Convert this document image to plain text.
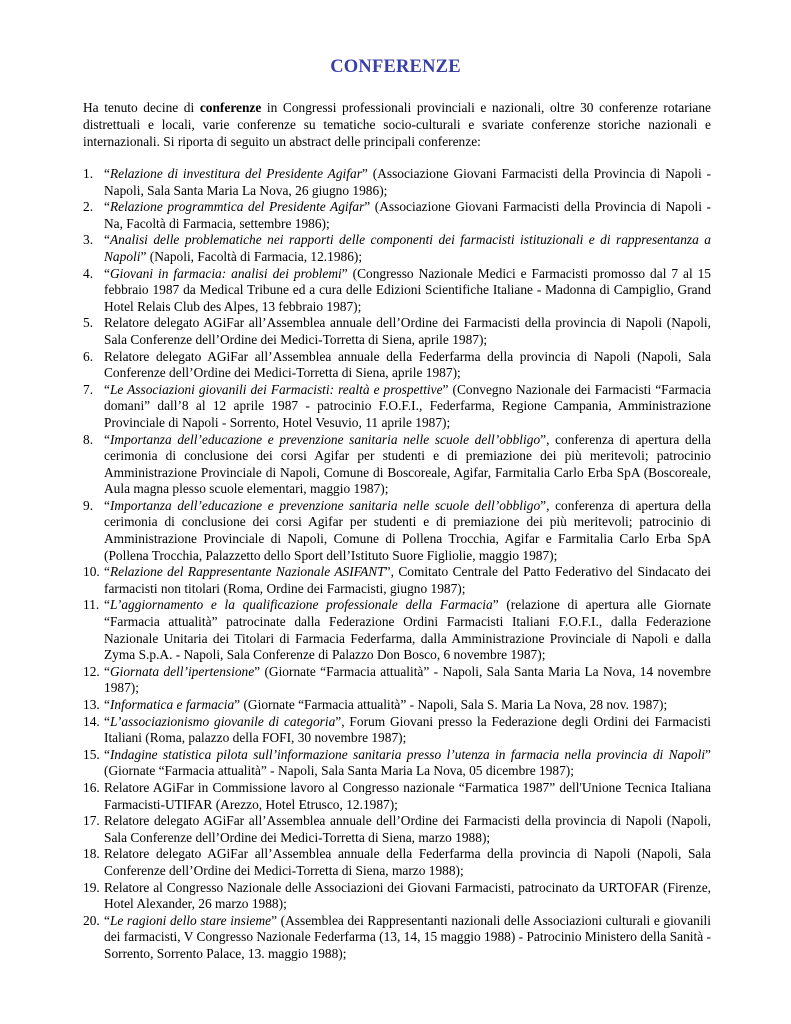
CONFERENZE
Ha tenuto decine di conferenze in Congressi professionali provinciali e nazionali, oltre 30 conferenze rotariane distrettuali e locali, varie conferenze su tematiche socio-culturali e svariate conferenze storiche nazionali e internazionali. Si riporta di seguito un abstract delle principali conferenze:
1. “Relazione di investitura del Presidente Agifar” (Associazione Giovani Farmacisti della Provincia di Napoli - Napoli, Sala Santa Maria La Nova, 26 giugno 1986);
2. “Relazione programmtica del Presidente Agifar” (Associazione Giovani Farmacisti della Provincia di Napoli - Na, Facoltà di Farmacia, settembre 1986);
3. “Analisi delle problematiche nei rapporti delle componenti dei farmacisti istituzionali e di rappresentanza a Napoli” (Napoli, Facoltà di Farmacia, 12.1986);
4. “Giovani in farmacia: analisi dei problemi” (Congresso Nazionale Medici e Farmacisti promosso dal 7 al 15 febbraio 1987 da Medical Tribune ed a cura delle Edizioni Scientifiche Italiane - Madonna di Campiglio, Grand Hotel Relais Club des Alpes, 13 febbraio 1987);
5. Relatore delegato AGiFar all’Assemblea annuale dell’Ordine dei Farmacisti della provincia di Napoli (Napoli, Sala Conferenze dell’Ordine dei Medici-Torretta di Siena, aprile 1987);
6. Relatore delegato AGiFar all’Assemblea annuale della Federfarma della provincia di Napoli (Napoli, Sala Conferenze dell’Ordine dei Medici-Torretta di Siena, aprile 1987);
7. “Le Associazioni giovanili dei Farmacisti: realtà e prospettive” (Convegno Nazionale dei Farmacisti “Farmacia domani” dall’8 al 12 aprile 1987 - patrocinio F.O.F.I., Federfarma, Regione Campania, Amministrazione Provinciale di Napoli - Sorrento, Hotel Vesuvio, 11 aprile 1987);
8. “Importanza dell’educazione e prevenzione sanitaria nelle scuole dell’obbligo”, conferenza di apertura della cerimonia di conclusione dei corsi Agifar per studenti e di premiazione dei più meritevoli; patrocinio Amministrazione Provinciale di Napoli, Comune di Boscoreale, Agifar, Farmitalia Carlo Erba SpA (Boscoreale, Aula magna plesso scuole elementari, maggio 1987);
9. “Importanza dell’educazione e prevenzione sanitaria nelle scuole dell’obbligo”, conferenza di apertura della cerimonia di conclusione dei corsi Agifar per studenti e di premiazione dei più meritevoli; patrocinio di Amministrazione Provinciale di Napoli, Comune di Pollena Trocchia, Agifar e Farmitalia Carlo Erba SpA (Pollena Trocchia, Palazzetto dello Sport dell’Istituto Suore Figliolie, maggio 1987);
10. “Relazione del Rappresentante Nazionale ASIFANT”, Comitato Centrale del Patto Federativo del Sindacato dei farmacisti non titolari (Roma, Ordine dei Farmacisti, giugno 1987);
11. “L’aggiornamento e la qualificazione professionale della Farmacia” (relazione di apertura alle Giornate “Farmacia attualità” patrocinate dalla Federazione Ordini Farmacisti Italiani F.O.F.I., dalla Federazione Nazionale Unitaria dei Titolari di Farmacia Federfarma, dalla Amministrazione Provinciale di Napoli e dalla Zyma S.p.A. - Napoli, Sala Conferenze di Palazzo Don Bosco, 6 novembre 1987);
12. “Giornata dell’ipertensione” (Giornate “Farmacia attualità” - Napoli, Sala Santa Maria La Nova, 14 novembre 1987);
13. “Informatica e farmacia” (Giornate “Farmacia attualità” - Napoli, Sala S. Maria La Nova, 28 nov. 1987);
14. “L’associazionismo giovanile di categoria”, Forum Giovani presso la Federazione degli Ordini dei Farmacisti Italiani (Roma, palazzo della FOFI, 30 novembre 1987);
15. “Indagine statistica pilota sull’informazione sanitaria presso l’utenza in farmacia nella provincia di Napoli” (Giornate “Farmacia attualità” - Napoli, Sala Santa Maria La Nova, 05 dicembre 1987);
16. Relatore AGiFar in Commissione lavoro al Congresso nazionale “Farmatica 1987” dell'Unione Tecnica Italiana Farmacisti-UTIFAR (Arezzo, Hotel Etrusco, 12.1987);
17. Relatore delegato AGiFar all’Assemblea annuale dell’Ordine dei Farmacisti della provincia di Napoli (Napoli, Sala Conferenze dell’Ordine dei Medici-Torretta di Siena, marzo 1988);
18. Relatore delegato AGiFar all’Assemblea annuale della Federfarma della provincia di Napoli (Napoli, Sala Conferenze dell’Ordine dei Medici-Torretta di Siena, marzo 1988);
19. Relatore al Congresso Nazionale delle Associazioni dei Giovani Farmacisti, patrocinato da URTOFAR (Firenze, Hotel Alexander, 26 marzo 1988);
20. “Le ragioni dello stare insieme” (Assemblea dei Rappresentanti nazionali delle Associazioni culturali e giovanili dei farmacisti, V Congresso Nazionale Federfarma (13, 14, 15 maggio 1988) - Patrocinio Ministero della Sanità - Sorrento, Sorrento Palace, 13. maggio 1988);
